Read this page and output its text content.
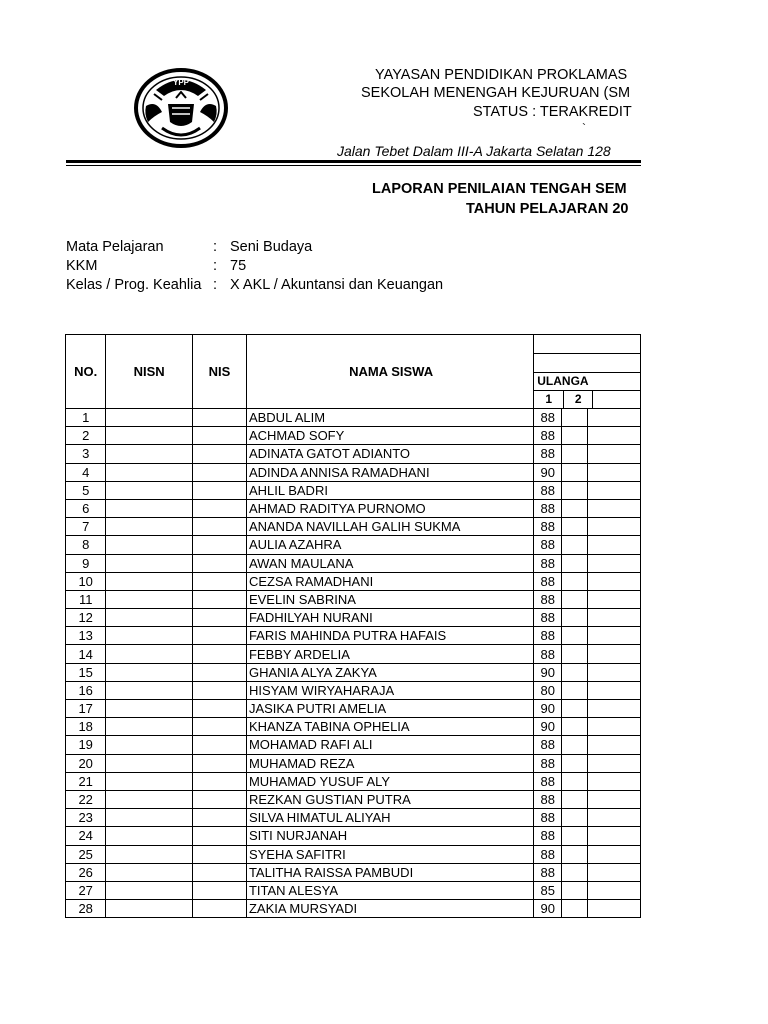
YPP	YAYASAN PENDIDIKAN PROKLAMAS
SEKOLAH MENENGAH KEJURUAN (SM
STATUS : TERAKREDIT
`
Jalan Tebet Dalam III-A Jakarta Selatan 128
LAPORAN PENILAIAN TENGAH SEM
TAHUN PELAJARAN 20
Mata Pelajaran	: Seni Budaya
KKM	: 75
Kelas / Prog. Keahlia : X AKL / Akuntansi dan Keuangan
NO.	NISN	NIS	NAMA SISWA	ULANGA
1 2		

1			ABDUL ALIM	88		
2			ACHMAD SOFY	88		
3			ADINATA GATOT ADIANTO	88		
4			ADINDA ANNISA RAMADHANI	90		
5			AHLIL BADRI	88		
6			AHMAD RADITYA PURNOMO	88		
7			ANANDA NAVILLAH GALIH SUKMA	88		
8			AULIA AZAHRA	88		
9			AWAN MAULANA	88		
10			CEZSA RAMADHANI	88		
11			EVELIN SABRINA	88		
12			FADHILYAH NURANI	88		
13			FARIS MAHINDA PUTRA HAFAIS	88		
14			FEBBY ARDELIA	88		
15			GHANIA ALYA ZAKYA	90		
16			HISYAM WIRYAHARAJA	80		
17			JASIKA PUTRI AMELIA	90		
18			KHANZA TABINA OPHELIA	90		
19			MOHAMAD RAFI ALI	88		
20			MUHAMAD REZA	88		
21			MUHAMAD YUSUF ALY	88		
22			REZKAN GUSTIAN PUTRA	88		
23			SILVA HIMATUL ALIYAH	88		
24			SITI NURJANAH	88		
25			SYEHA SAFITRI	88		
26			TALITHA RAISSA PAMBUDI	88		
27			TITAN ALESYA	85		
28			ZAKIA MURSYADI	90		
